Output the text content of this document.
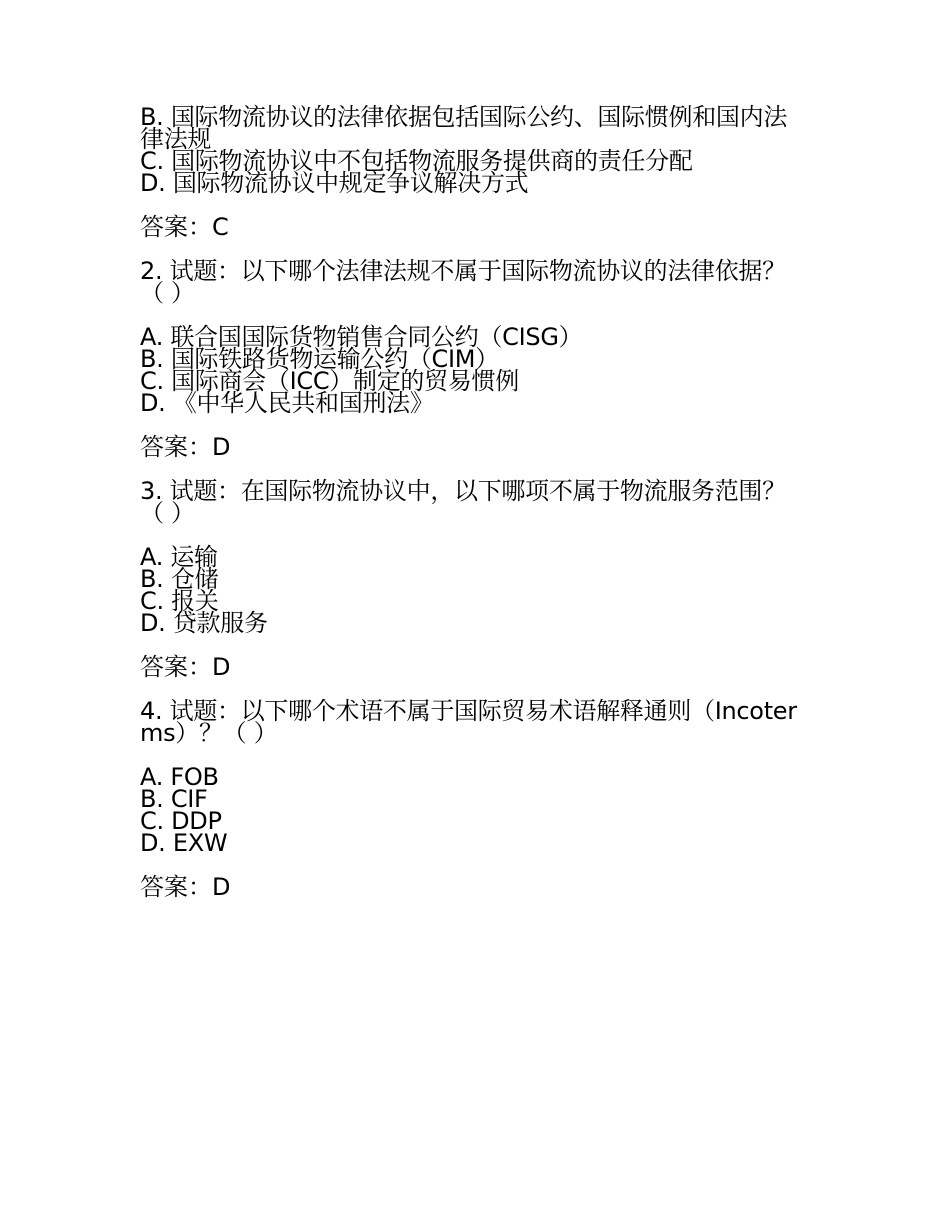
B. 国际物流协议的法律依据包括国际公约、国际惯例和国内法律法规
C. 国际物流协议中不包括物流服务提供商的责任分配
D. 国际物流协议中规定争议解决方式
答案：C
2. 试题：以下哪个法律法规不属于国际物流协议的法律依据？（ ）
A. 联合国国际货物销售合同公约（CISG）
B. 国际铁路货物运输公约（CIM）
C. 国际商会（ICC）制定的贸易惯例
D. 《中华人民共和国刑法》
答案：D
3. 试题：在国际物流协议中，以下哪项不属于物流服务范围？（ ）
A. 运输
B. 仓储
C. 报关
D. 贷款服务
答案：D
4. 试题：以下哪个术语不属于国际贸易术语解释通则（Incoterms）？（ ）
A. FOB
B. CIF
C. DDP
D. EXW
答案：D
